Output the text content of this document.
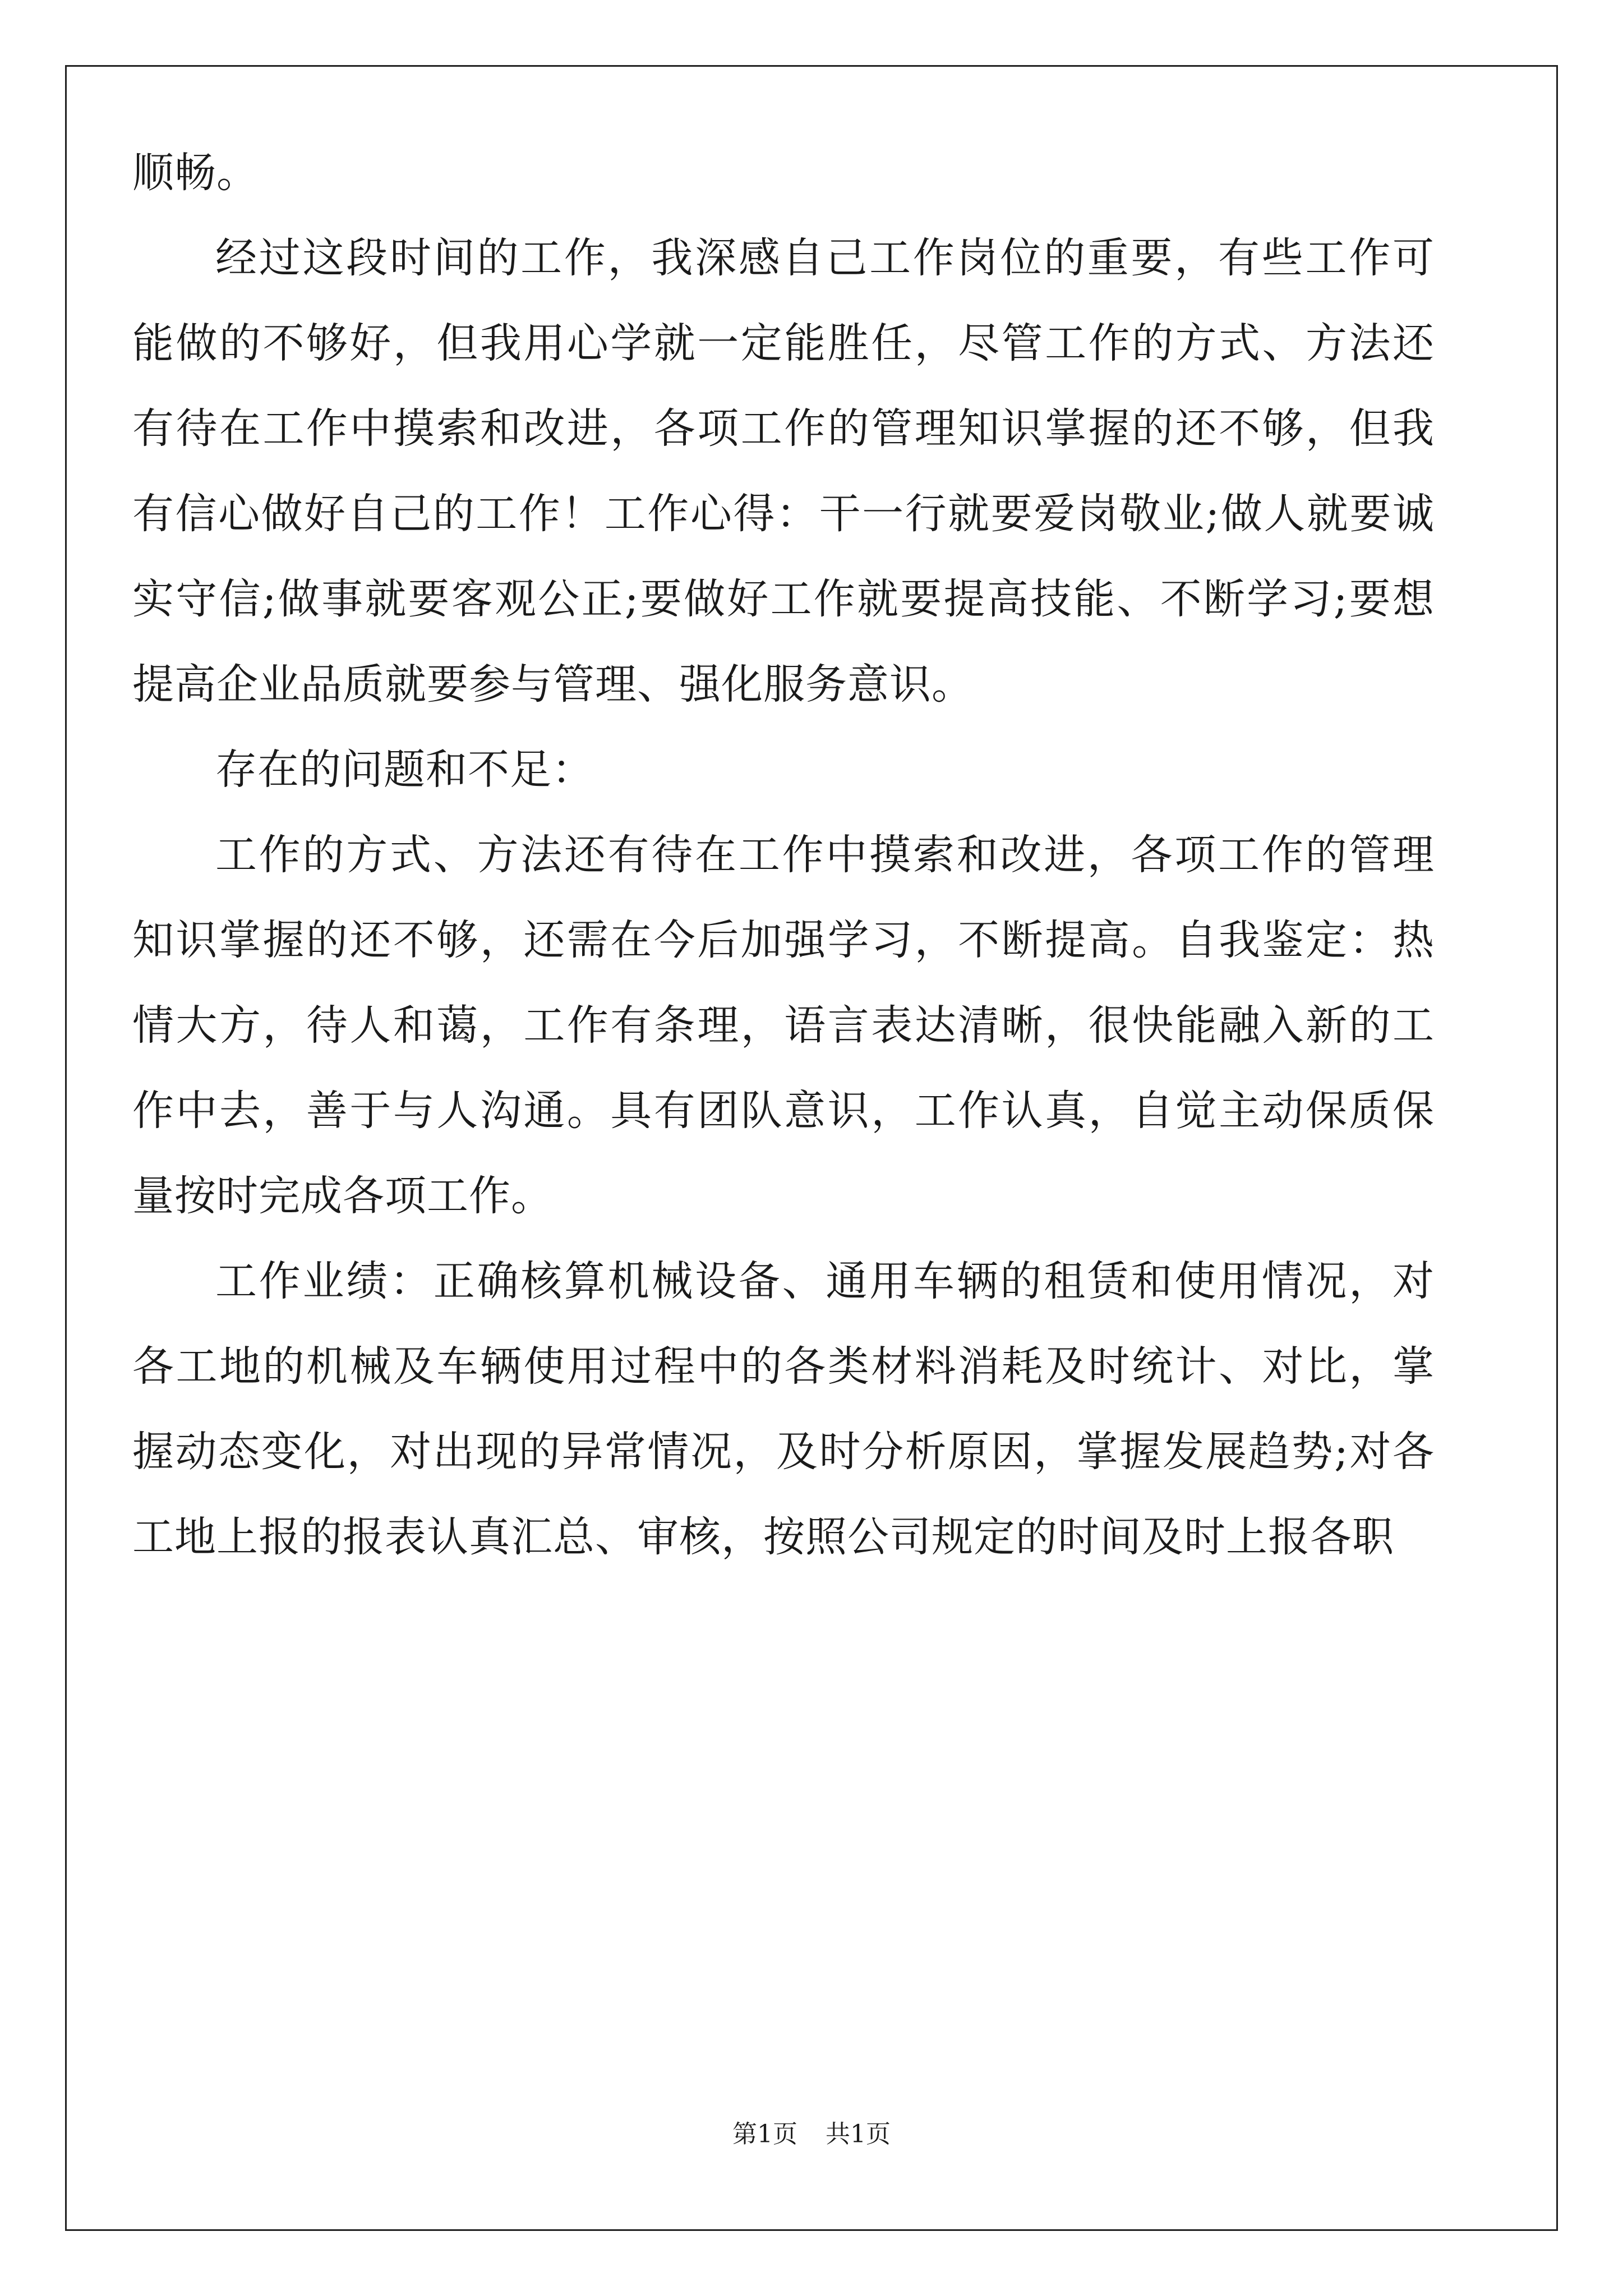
顺畅。

经过这段时间的工作，我深感自己工作岗位的重要，有些工作可能做的不够好，但我用心学就一定能胜任，尽管工作的方式、方法还有待在工作中摸索和改进，各项工作的管理知识掌握的还不够，但我有信心做好自己的工作！工作心得：干一行就要爱岗敬业;做人就要诚实守信;做事就要客观公正;要做好工作就要提高技能、不断学习;要想提高企业品质就要参与管理、强化服务意识。

存在的问题和不足：

工作的方式、方法还有待在工作中摸索和改进，各项工作的管理知识掌握的还不够，还需在今后加强学习，不断提高。自我鉴定：热情大方，待人和蔼，工作有条理，语言表达清晰，很快能融入新的工作中去，善于与人沟通。具有团队意识，工作认真，自觉主动保质保量按时完成各项工作。

工作业绩：正确核算机械设备、通用车辆的租赁和使用情况，对各工地的机械及车辆使用过程中的各类材料消耗及时统计、对比，掌握动态变化，对出现的异常情况，及时分析原因，掌握发展趋势;对各工地上报的报表认真汇总、审核，按照公司规定的时间及时上报各职

第1页 共1页
